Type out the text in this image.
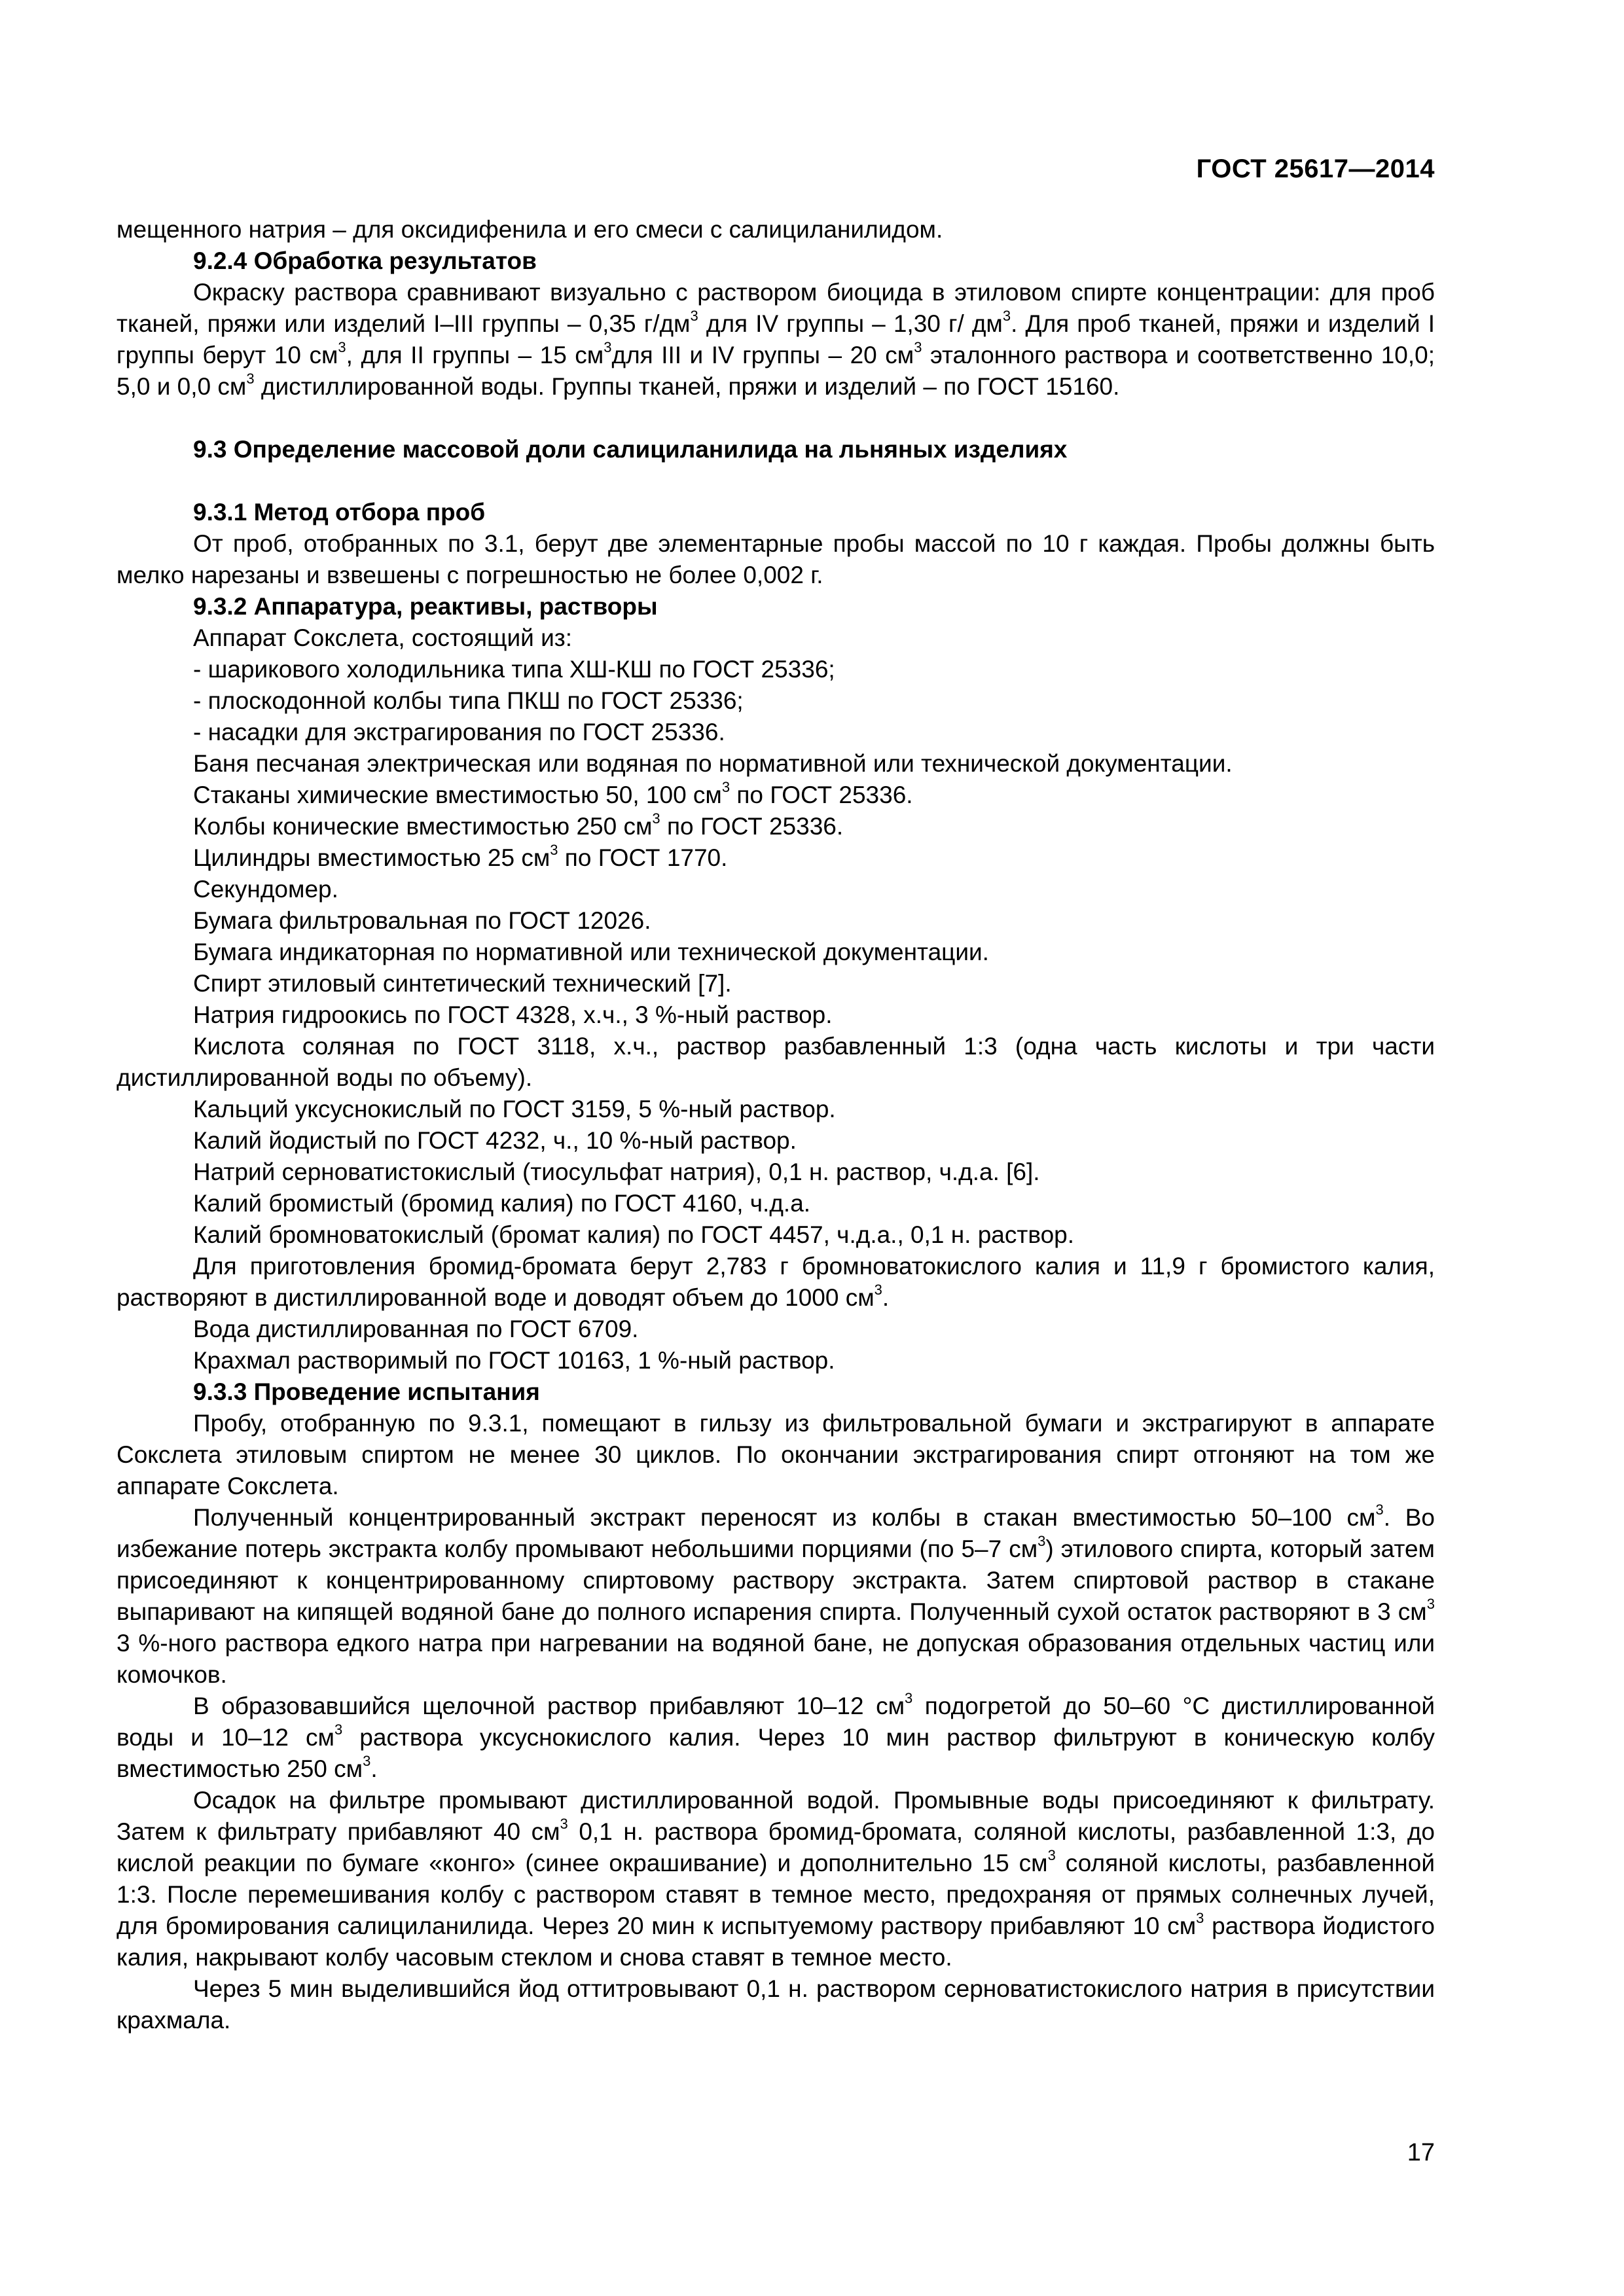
ГОСТ 25617—2014

мещенного натрия – для оксидифенила и его смеси с салициланилидом.

9.2.4 Обработка результатов

Окраску раствора сравнивают визуально с раствором биоцида в этиловом спирте концентрации: для проб тканей, пряжи или изделий I–III группы – 0,35 $г/дм^3$ для IV группы – 1,30 г/ $дм^3$. Для проб тканей, пряжи и изделий I группы берут 10 $см^3$, для II группы – 15 $см^3для$ III и IV группы – 20 $см^3$ эталонного раствора и соответственно 10,0; 5,0 и 0,0 $см^3$ дистиллированной воды. Группы тканей, пряжи и изделий – по ГОСТ 15160.

9.3 Определение массовой доли салициланилида на льняных изделиях

9.3.1 Метод отбора проб

От проб, отобранных по 3.1, берут две элементарные пробы массой по 10 г каждая. Пробы должны быть мелко нарезаны и взвешены с погрешностью не более 0,002 г.

9.3.2 Аппаратура, реактивы, растворы

Аппарат Сокслета, состоящий из:

- шарикового холодильника типа ХШ-КШ по ГОСТ 25336;

- плоскодонной колбы типа ПКШ по ГОСТ 25336;

- насадки для экстрагирования по ГОСТ 25336.

Баня песчаная электрическая или водяная по нормативной или технической документации.

Стаканы химические вместимостью 50, 100 $см^3$ по ГОСТ 25336.

Колбы конические вместимостью 250 $см^3$ по ГОСТ 25336.

Цилиндры вместимостью 25 $см^3$ по ГОСТ 1770.

Секундомер.

Бумага фильтровальная по ГОСТ 12026.

Бумага индикаторная по нормативной или технической документации.

Спирт этиловый синтетический технический [7].

Натрия гидроокись по ГОСТ 4328, х.ч., 3 %-ный раствор.

Кислота соляная по ГОСТ 3118, х.ч., раствор разбавленный 1:3 (одна часть кислоты и три части дистиллированной воды по объему).

Кальций уксуснокислый по ГОСТ 3159, 5 %-ный раствор.

Калий йодистый по ГОСТ 4232, ч., 10 %-ный раствор.

Натрий серноватистокислый (тиосульфат натрия), 0,1 н. раствор, ч.д.а. [6].

Калий бромистый (бромид калия) по ГОСТ 4160, ч.д.а.

Калий бромноватокислый (бромат калия) по ГОСТ 4457, ч.д.а., 0,1 н. раствор.

Для приготовления бромид-бромата берут 2,783 г бромноватокислого калия и 11,9 г бромистого калия, растворяют в дистиллированной воде и доводят объем до 1000 $см^3$.

Вода дистиллированная по ГОСТ 6709.

Крахмал растворимый по ГОСТ 10163, 1 %-ный раствор.

9.3.3 Проведение испытания

Пробу, отобранную по 9.3.1, помещают в гильзу из фильтровальной бумаги и экстрагируют в аппарате Сокслета этиловым спиртом не менее 30 циклов. По окончании экстрагирования спирт отгоняют на том же аппарате Сокслета.

Полученный концентрированный экстракт переносят из колбы в стакан вместимостью 50–100 $см^3$. Во избежание потерь экстракта колбу промывают небольшими порциями (по 5–7 $см^3$) этилового спирта, который затем присоединяют к концентрированному спиртовому раствору экстракта. Затем спиртовой раствор в стакане выпаривают на кипящей водяной бане до полного испарения спирта. Полученный сухой остаток растворяют в 3 $см^3$ 3 %-ного раствора едкого натра при нагревании на водяной бане, не допуская образования отдельных частиц или комочков.

В образовавшийся щелочной раствор прибавляют 10–12 $см^3$ подогретой до 50–60 °С дистиллированной воды и 10–12 $см^3$ раствора уксуснокислого калия. Через 10 мин раствор фильтруют в коническую колбу вместимостью 250 $см^3$.

Осадок на фильтре промывают дистиллированной водой. Промывные воды присоединяют к фильтрату. Затем к фильтрату прибавляют 40 $см^3$ 0,1 н. раствора бромид-бромата, соляной кислоты, разбавленной 1:3, до кислой реакции по бумаге «конго» (синее окрашивание) и дополнительно 15 $см^3$ соляной кислоты, разбавленной 1:3. После перемешивания колбу с раствором ставят в темное место, предохраняя от прямых солнечных лучей, для бромирования салициланилида. Через 20 мин к испытуемому раствору прибавляют 10 $см^3$ раствора йодистого калия, накрывают колбу часовым стеклом и снова ставят в темное место.

Через 5 мин выделившийся йод оттитровывают 0,1 н. раствором серноватистокислого натрия в присутствии крахмала.

17
